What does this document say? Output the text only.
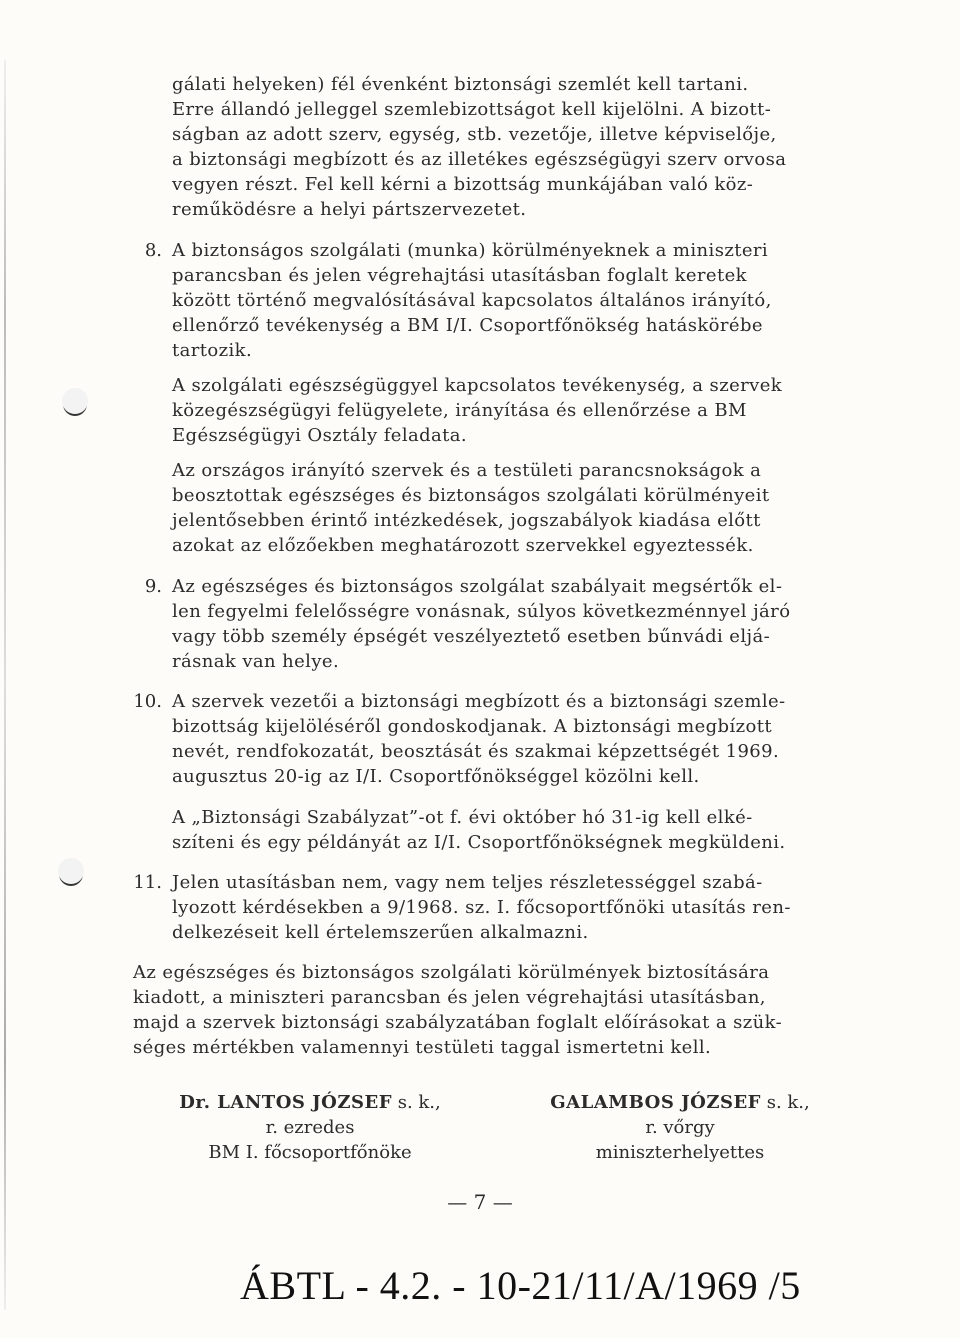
gálati helyeken) fél évenként biztonsági szemlét kell tartani.
Erre állandó jelleggel szemlebizottságot kell kijelölni. A bizott-
ságban az adott szerv, egység, stb. vezetője, illetve képviselője,
a biztonsági megbízott és az illetékes egészségügyi szerv orvosa
vegyen részt. Fel kell kérni a bizottság munkájában való köz-
reműködésre a helyi pártszervezetet.
8. A biztonságos szolgálati (munka) körülményeknek a miniszteri
parancsban és jelen végrehajtási utasításban foglalt keretek
között történő megvalósításával kapcsolatos általános irányító,
ellenőrző tevékenység a BM I/I. Csoportfőnökség hatáskörébe
tartozik.
A szolgálati egészségüggyel kapcsolatos tevékenység, a szervek
közegészségügyi felügyelete, irányítása és ellenőrzése a BM
Egészségügyi Osztály feladata.
Az országos irányító szervek és a testületi parancsnokságok a
beosztottak egészséges és biztonságos szolgálati körülményeit
jelentősebben érintő intézkedések, jogszabályok kiadása előtt
azokat az előzőekben meghatározott szervekkel egyeztessék.
9. Az egészséges és biztonságos szolgálat szabályait megsértők el-
len fegyelmi felelősségre vonásnak, súlyos következménnyel járó
vagy több személy épségét veszélyeztető esetben bűnvádi eljá-
rásnak van helye.
10. A szervek vezetői a biztonsági megbízott és a biztonsági szemle-
bizottság kijelöléséről gondoskodjanak. A biztonsági megbízott
nevét, rendfokozatát, beosztását és szakmai képzettségét 1969.
augusztus 20-ig az I/I. Csoportfőnökséggel közölni kell.
A „Biztonsági Szabályzat”-ot f. évi október hó 31-ig kell elké-
szíteni és egy példányát az I/I. Csoportfőnökségnek megküldeni.
11. Jelen utasításban nem, vagy nem teljes részletességgel szabá-
lyozott kérdésekben a 9/1968. sz. I. főcsoportfőnöki utasítás ren-
delkezéseit kell értelemszerűen alkalmazni.
Az egészséges és biztonságos szolgálati körülmények biztosítására
kiadott, a miniszteri parancsban és jelen végrehajtási utasításban,
majd a szervek biztonsági szabályzatában foglalt előírásokat a szük-
séges mértékben valamennyi testületi taggal ismertetni kell.
Dr. LANTOS JÓZSEF s. k.,
r. ezredes
BM I. főcsoportfőnöke
GALAMBOS JÓZSEF s. k.,
r. vőrgy
miniszterhelyettes
— 7 —
ÁBTL - 4.2. - 10-21/11/A/1969 /5
